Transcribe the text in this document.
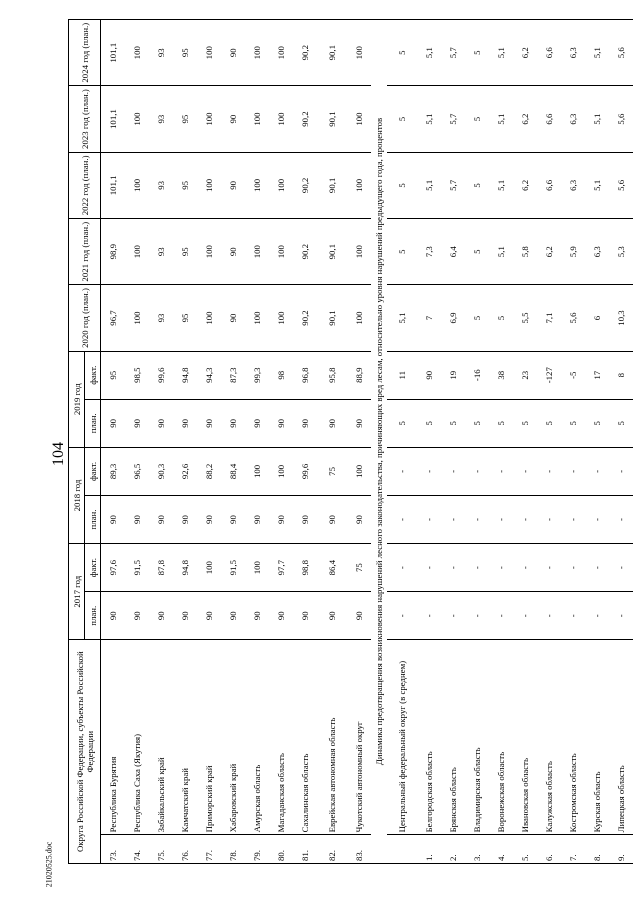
104
21020525.doc
Округа Российской Федерации, субъекты Российской Федерации		2017 год		2018 год		2019 год		2020 год (план.)	2021 год (план.)	2022 год (план.)	2023 год (план.)	2024 год (план.)

		план.	факт.	план.	факт.	план.	факт.					
73.	Республика Бурятия	90	97,6	90	89,3	90	95	96,7	98,9	101,1	101,1	101,1
74.	Республика Саха (Якутия)	90	91,5	90	96,5	90	98,5	100	100	100	100	100
75.	Забайкальский край	90	87,8	90	90,3	90	99,6	93	93	93	93	93
76.	Камчатский край	90	94,8	90	92,6	90	94,8	95	95	95	95	95
77.	Приморский край	90	100	90	88,2	90	94,3	100	100	100	100	100
78.	Хабаровский край	90	91,5	90	88,4	90	87,3	90	90	90	90	90
79.	Амурская область	90	100	90	100	90	99,3	100	100	100	100	100
80.	Магаданская область	90	97,7	90	100	90	98	100	100	100	100	100
81.	Сахалинская область	90	98,8	90	99,6	90	96,8	90,2	90,2	90,2	90,2	90,2
82.	Еврейская автономная область	90	86,4	90	75	90	95,8	90,1	90,1	90,1	90,1	90,1
83.	Чукотский автономный округ	90	75	90	100	90	88,9	100	100	100	100	100
Динамика предотвращения возникновения нарушений лесного законодательства, причиняющих вред лесам, относительно уровня нарушений предыдущего года, процентов												
	Центральный федеральный округ (в среднем)	-	-	-	-	5	11	5,1	5	5	5	5
1.	Белгородская область	-	-	-	-	5	90	7	7,3	5,1	5,1	5,1
2.	Брянская область	-	-	-	-	5	19	6,9	6,4	5,7	5,7	5,7
3.	Владимирская область	-	-	-	-	5	-16	5	5	5	5	5
4.	Воронежская область	-	-	-	-	5	38	5	5,1	5,1	5,1	5,1
5.	Ивановская область	-	-	-	-	5	23	5,5	5,8	6,2	6,2	6,2
6.	Калужская область	-	-	-	-	5	-127	7,1	6,2	6,6	6,6	6,6
7.	Костромская область	-	-	-	-	5	-5	5,6	5,9	6,3	6,3	6,3
8.	Курская область	-	-	-	-	5	17	6	6,3	5,1	5,1	5,1
9.	Липецкая область	-	-	-	-	5	8	10,3	5,3	5,6	5,6	5,6
